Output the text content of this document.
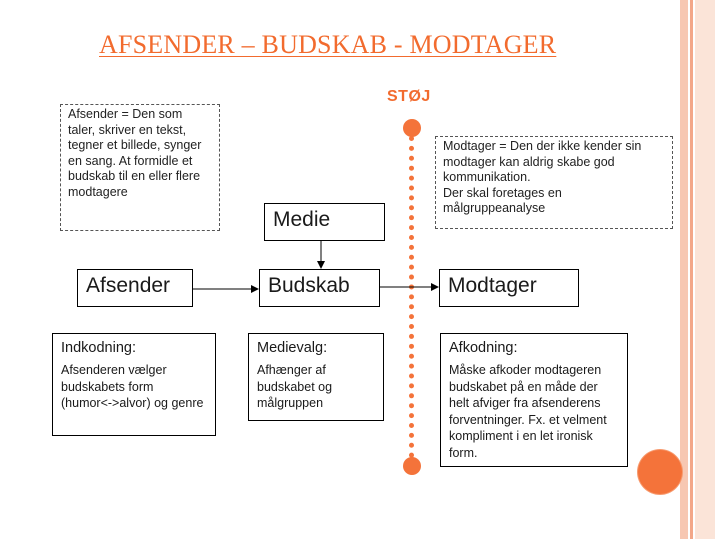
AFSENDER – BUDSKAB - MODTAGER
STØJ
Afsender = Den som taler, skriver en tekst, tegner et billede, synger en sang. At formidle et budskab til en eller flere modtagere
Modtager = Den der ikke kender sin modtager kan aldrig skabe god kommunikation.
Der skal foretages en målgruppeanalyse
Medie
Afsender	Budskab	Modtager
Indkodning:
Afsenderen vælger budskabets form (humor<->alvor) og genre
Medievalg:
Afhænger af budskabet og målgruppen
Afkodning:
Måske afkoder modtageren budskabet på en måde der helt afviger fra afsenderens forventninger. Fx. et velment kompliment i en let ironisk form.
